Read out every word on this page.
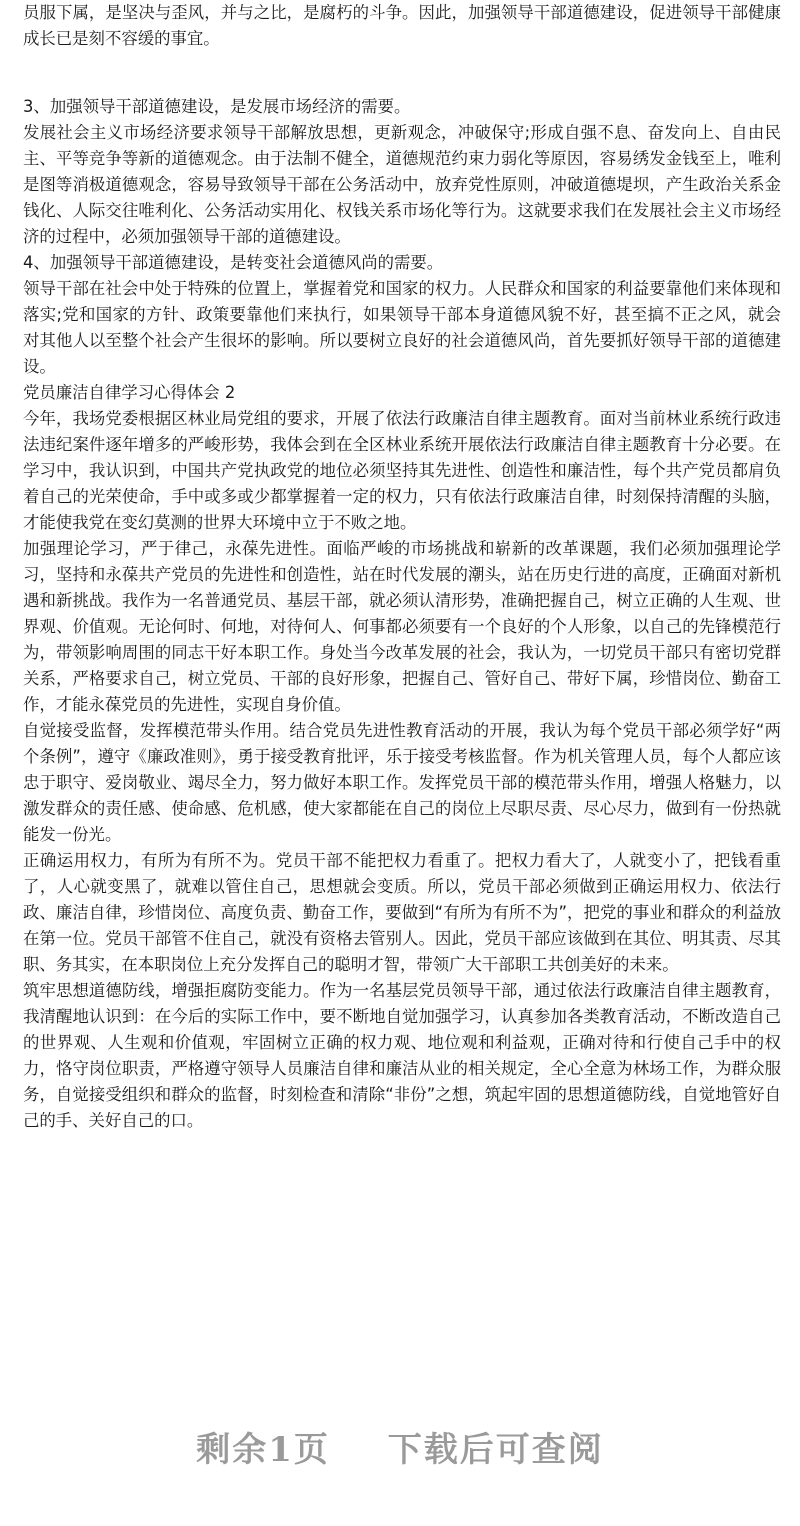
员服下属，是坚决与歪风，并与之比，是腐朽的斗争。因此，加强领导干部道德建设，促进领导干部健康成长已是刻不容缓的事宜。

3、加强领导干部道德建设，是发展市场经济的需要。

发展社会主义市场经济要求领导干部解放思想，更新观念，冲破保守;形成自强不息、奋发向上、自由民主、平等竞争等新的道德观念。由于法制不健全，道德规范约束力弱化等原因，容易绣发金钱至上，唯利是图等消极道德观念，容易导致领导干部在公务活动中，放弃党性原则，冲破道德堤坝，产生政治关系金钱化、人际交往唯利化、公务活动实用化、权钱关系市场化等行为。这就要求我们在发展社会主义市场经济的过程中，必须加强领导干部的道德建设。

4、加强领导干部道德建设，是转变社会道德风尚的需要。

领导干部在社会中处于特殊的位置上，掌握着党和国家的权力。人民群众和国家的利益要靠他们来体现和落实;党和国家的方针、政策要靠他们来执行，如果领导干部本身道德风貌不好，甚至搞不正之风，就会对其他人以至整个社会产生很坏的影响。所以要树立良好的社会道德风尚，首先要抓好领导干部的道德建设。

党员廉洁自律学习心得体会 2

今年，我场党委根据区林业局党组的要求，开展了依法行政廉洁自律主题教育。面对当前林业系统行政违法违纪案件逐年增多的严峻形势，我体会到在全区林业系统开展依法行政廉洁自律主题教育十分必要。在学习中，我认识到，中国共产党执政党的地位必须坚持其先进性、创造性和廉洁性，每个共产党员都肩负着自己的光荣使命，手中或多或少都掌握着一定的权力，只有依法行政廉洁自律，时刻保持清醒的头脑，才能使我党在变幻莫测的世界大环境中立于不败之地。

加强理论学习，严于律己，永葆先进性。面临严峻的市场挑战和崭新的改革课题，我们必须加强理论学习，坚持和永葆共产党员的先进性和创造性，站在时代发展的潮头，站在历史行进的高度，正确面对新机遇和新挑战。我作为一名普通党员、基层干部，就必须认清形势，准确把握自己，树立正确的人生观、世界观、价值观。无论何时、何地，对待何人、何事都必须要有一个良好的个人形象，以自己的先锋模范行为，带领影响周围的同志干好本职工作。身处当今改革发展的社会，我认为，一切党员干部只有密切党群关系，严格要求自己，树立党员、干部的良好形象，把握自己、管好自己、带好下属，珍惜岗位、勤奋工作，才能永葆党员的先进性，实现自身价值。

自觉接受监督，发挥模范带头作用。结合党员先进性教育活动的开展，我认为每个党员干部必须学好“两个条例”，遵守《廉政准则》，勇于接受教育批评，乐于接受考核监督。作为机关管理人员，每个人都应该忠于职守、爱岗敬业、竭尽全力，努力做好本职工作。发挥党员干部的模范带头作用，增强人格魅力，以激发群众的责任感、使命感、危机感，使大家都能在自己的岗位上尽职尽责、尽心尽力，做到有一份热就能发一份光。

正确运用权力，有所为有所不为。党员干部不能把权力看重了。把权力看大了，人就变小了，把钱看重了，人心就变黑了，就难以管住自己，思想就会变质。所以，党员干部必须做到正确运用权力、依法行政、廉洁自律，珍惜岗位、高度负责、勤奋工作，要做到“有所为有所不为”，把党的事业和群众的利益放在第一位。党员干部管不住自己，就没有资格去管别人。因此，党员干部应该做到在其位、明其责、尽其职、务其实，在本职岗位上充分发挥自己的聪明才智，带领广大干部职工共创美好的未来。

筑牢思想道德防线，增强拒腐防变能力。作为一名基层党员领导干部，通过依法行政廉洁自律主题教育，我清醒地认识到：在今后的实际工作中，要不断地自觉加强学习，认真参加各类教育活动，不断改造自己的世界观、人生观和价值观，牢固树立正确的权力观、地位观和利益观，正确对待和行使自己手中的权力，恪守岗位职责，严格遵守领导人员廉洁自律和廉洁从业的相关规定，全心全意为林场工作，为群众服务，自觉接受组织和群众的监督，时刻检查和清除“非份”之想，筑起牢固的思想道德防线，自觉地管好自己的手、关好自己的口。

剩余1页 下载后可查阅
